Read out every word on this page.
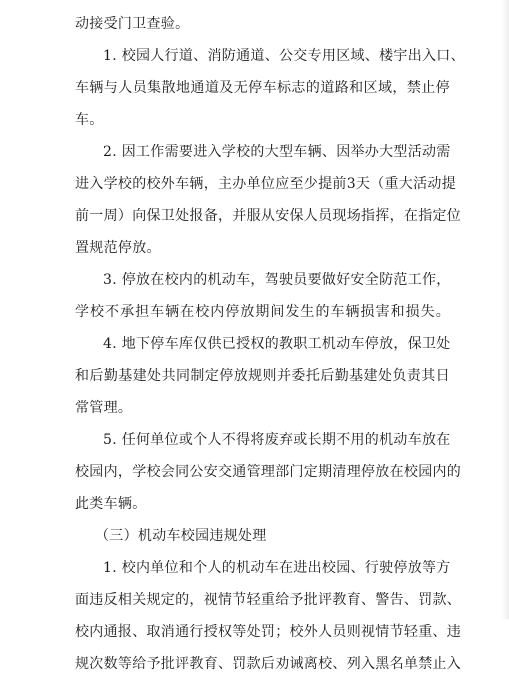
动接受门卫查验。
1. 校园人行道、消防通道、公交专用区域、楼宇出入口、
车辆与人员集散地通道及无停车标志的道路和区域，禁止停
车。
2. 因工作需要进入学校的大型车辆、因举办大型活动需
进入学校的校外车辆，主办单位应至少提前3天（重大活动提
前一周）向保卫处报备，并服从安保人员现场指挥，在指定位
置规范停放。
3. 停放在校内的机动车，驾驶员要做好安全防范工作，
学校不承担车辆在校内停放期间发生的车辆损害和损失。
4. 地下停车库仅供已授权的教职工机动车停放，保卫处
和后勤基建处共同制定停放规则并委托后勤基建处负责其日
常管理。
5. 任何单位或个人不得将废弃或长期不用的机动车放在
校园内，学校会同公安交通管理部门定期清理停放在校园内的
此类车辆。
（三）机动车校园违规处理
1. 校内单位和个人的机动车在进出校园、行驶停放等方
面违反相关规定的，视情节轻重给予批评教育、警告、罚款、
校内通报、取消通行授权等处罚；校外人员则视情节轻重、违
规次数等给予批评教育、罚款后劝诫离校、列入黑名单禁止入
